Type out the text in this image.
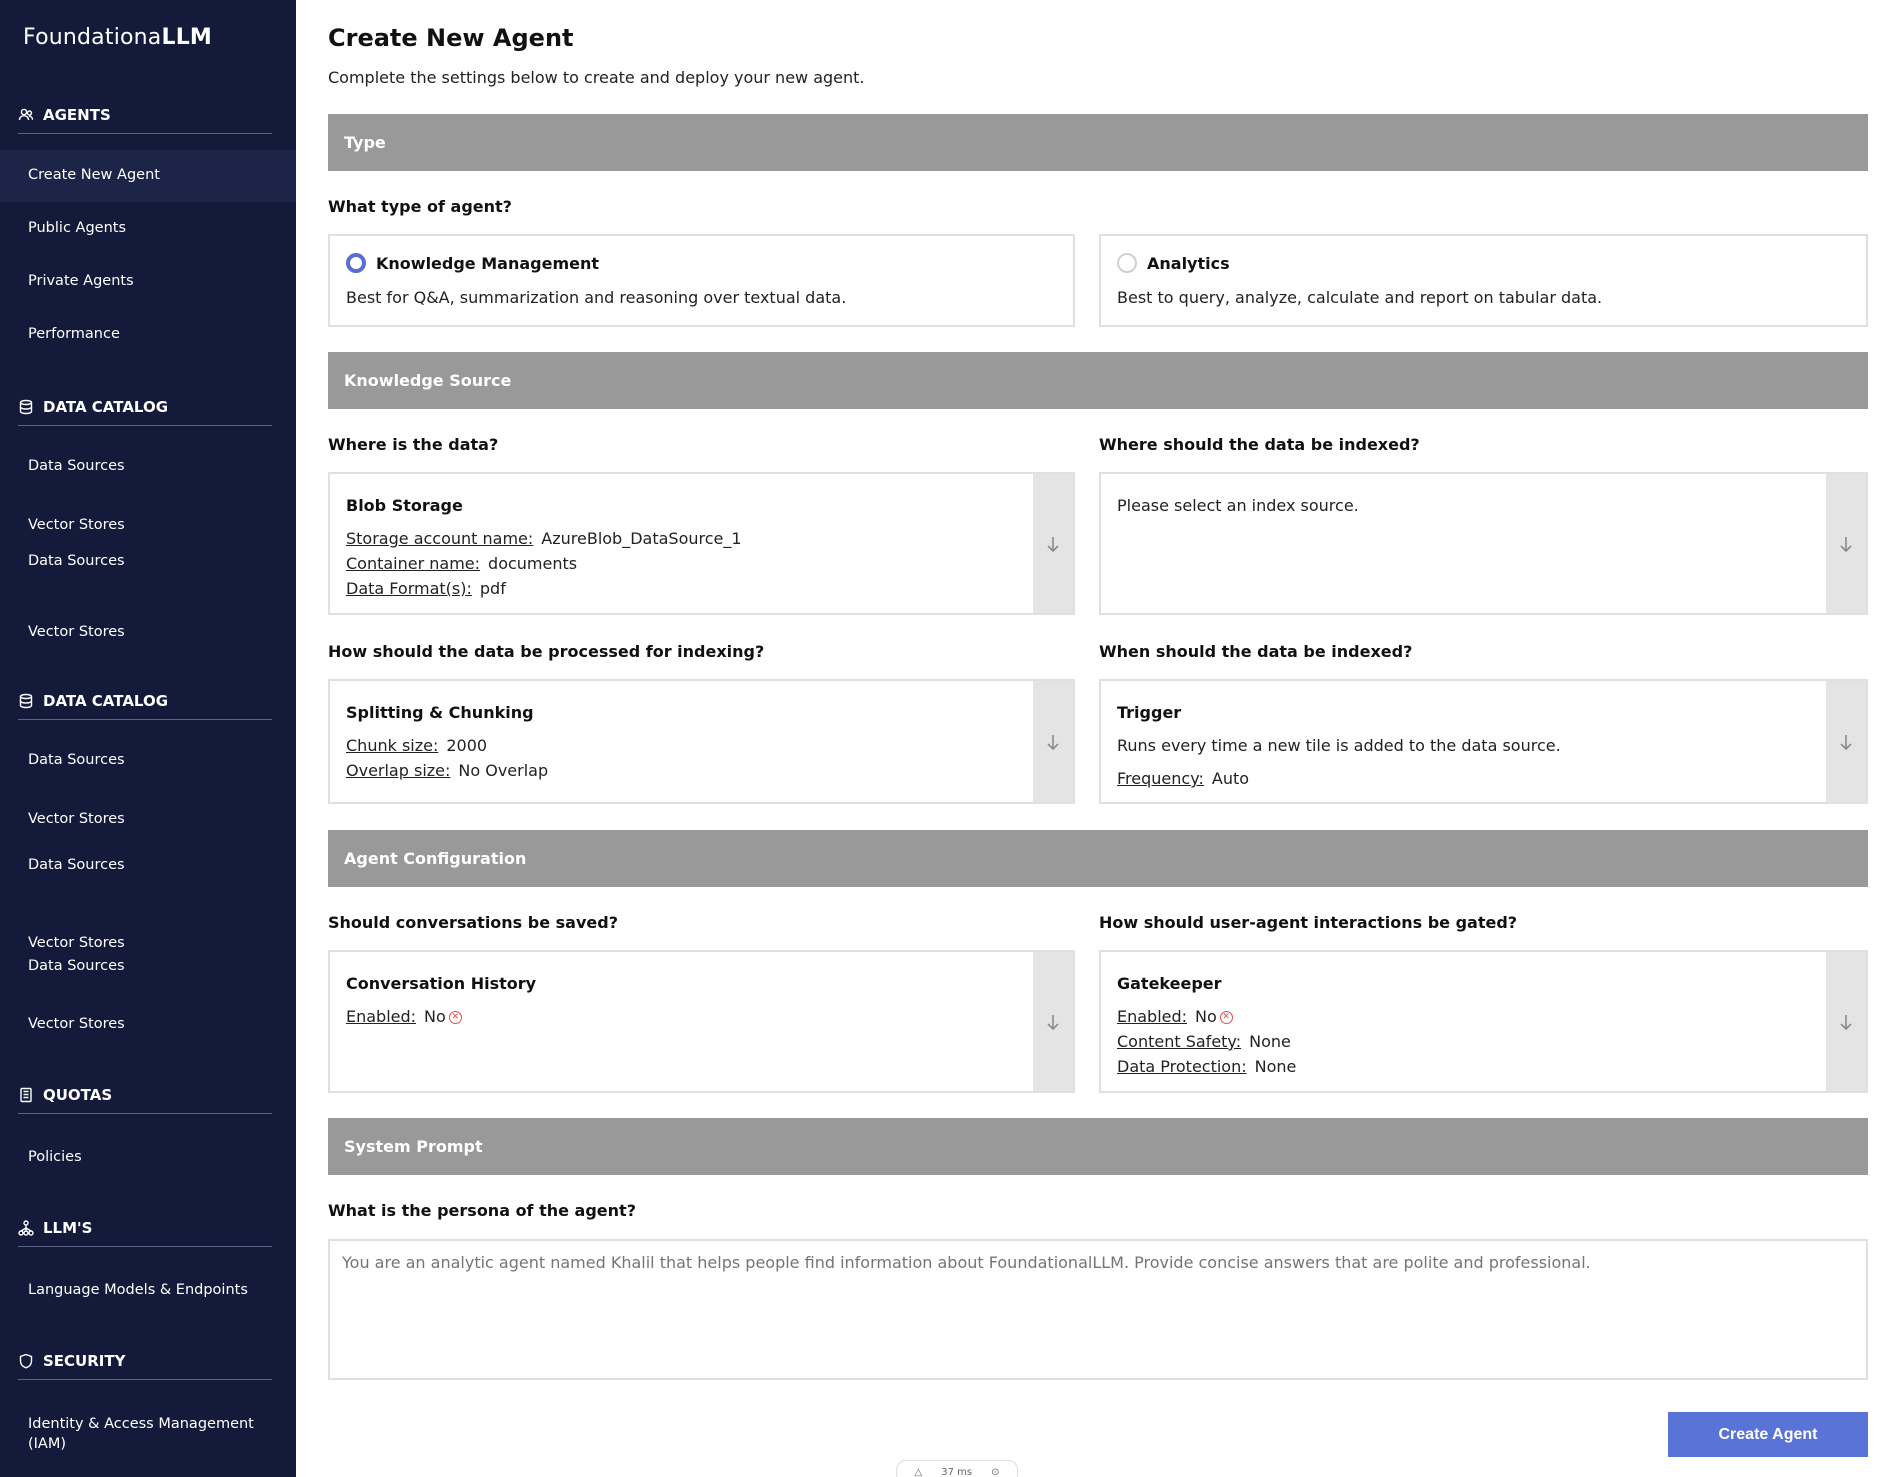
FoundationaLLM
AGENTS
Create New Agent
Public Agents
Private Agents
Performance
DATA CATALOG
Data Sources
Vector Stores
Data Sources
Vector Stores
DATA CATALOG
Data Sources
Vector Stores
Data Sources
Vector Stores
Data Sources
Vector Stores
QUOTAS
Policies
LLM'S
Language Models & Endpoints
SECURITY
Identity & Access Management
(IAM)
Create New Agent

Complete the settings below to create and deploy your new agent.

Type
What type of agent?
Knowledge Management
Best for Q&A, summarization and reasoning over textual data.
Analytics
Best to query, analyze, calculate and report on tabular data.
Knowledge Source
Where is the data?	Where should the data be indexed?
Blob Storage
Storage account name: AzureBlob_DataSource_1
Container name: documents
Data Format(s): pdf
Please select an index source.
How should the data be processed for indexing?	When should the data be indexed?
Splitting & Chunking
Chunk size: 2000
Overlap size: No Overlap
Trigger
Runs every time a new tile is added to the data source.
Frequency: Auto
Agent Configuration
Should conversations be saved?	How should user-agent interactions be gated?
Conversation History
Enabled: No ✕
Gatekeeper
Enabled: No ✕
Content Safety: None
Data Protection: None
System Prompt
What is the persona of the agent?
You are an analytic agent named Khalil that helps people find information about FoundationalLLM. Provide concise answers that are polite and professional.
Create Agent
△ 37 ms ⊙
